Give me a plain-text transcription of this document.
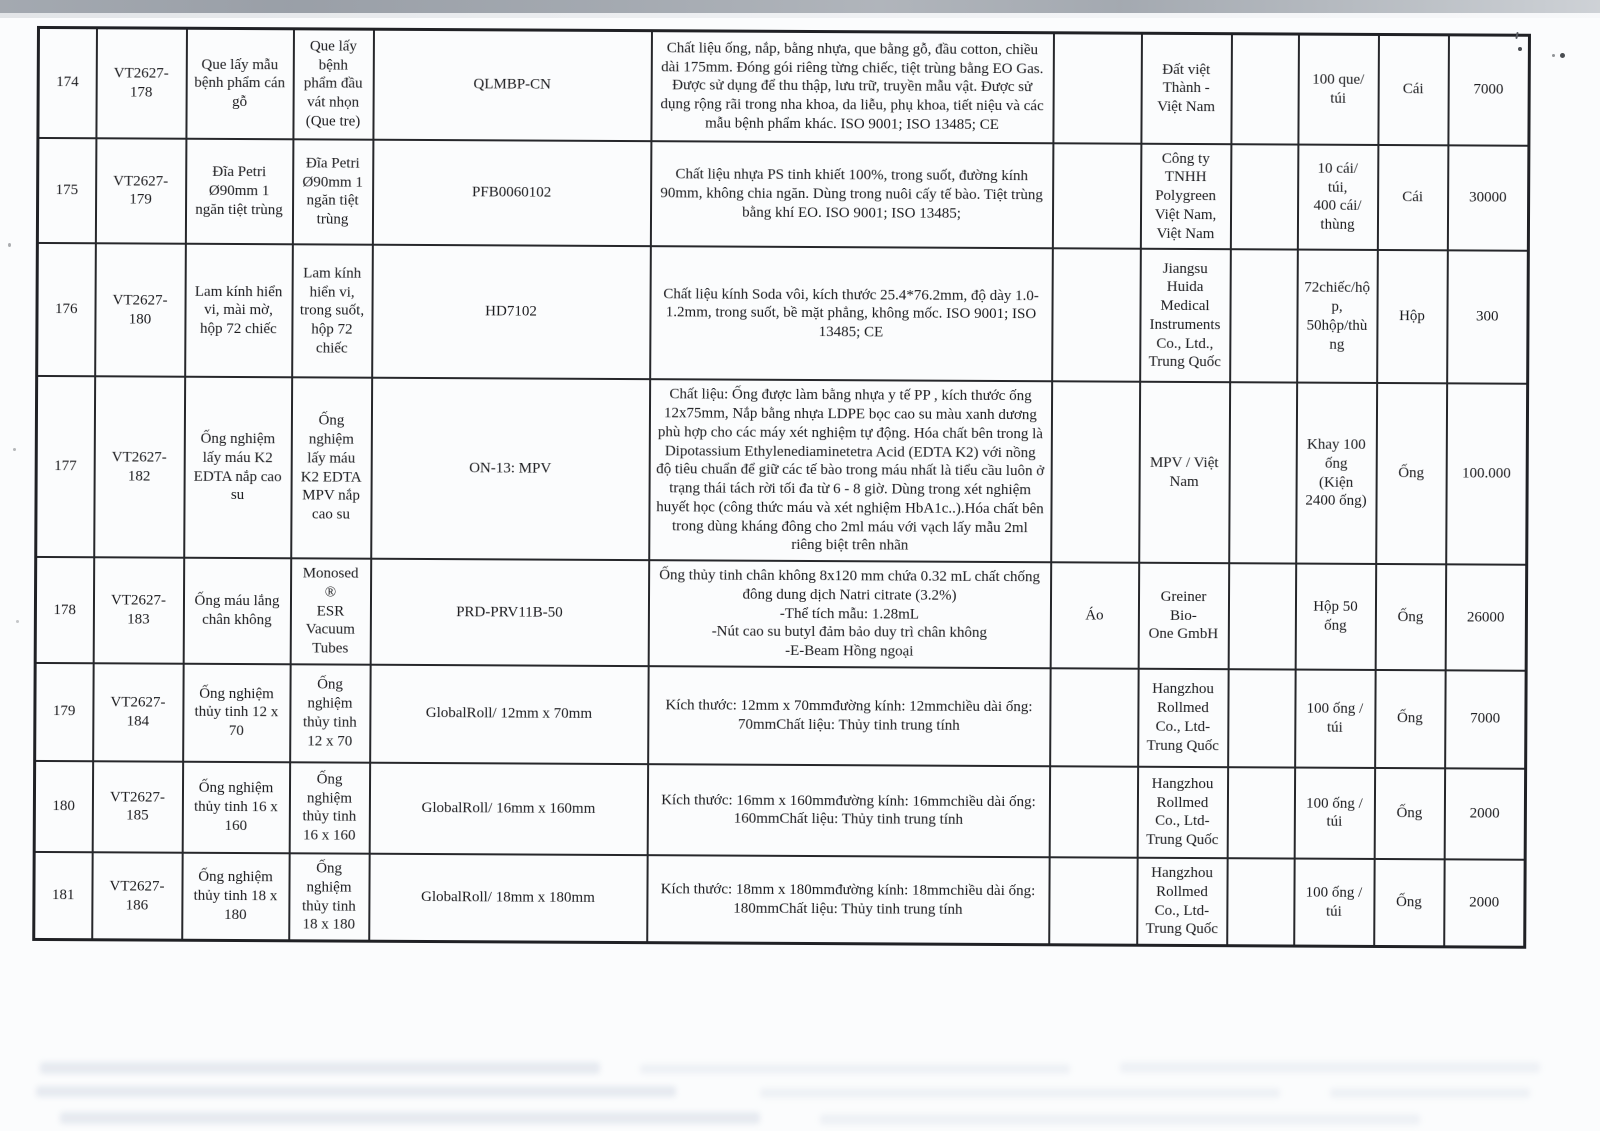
174	VT2627-178	Que lấy mẫu bệnh phẩm cán gỗ	Que lấy bệnh phẩm đầu vát nhọn (Que tre)	QLMBP-CN	Chất liệu ống, nắp, bằng nhựa, que bằng gỗ, đầu cotton, chiều dài 175mm. Đóng gói riêng từng chiếc, tiệt trùng bằng EO Gas. Được sử dụng để thu thập, lưu trữ, truyền mẫu vật. Được sử dụng rộng rãi trong nha khoa, da liễu, phụ khoa, tiết niệu và các mẫu bệnh phẩm khác. ISO 9001; ISO 13485; CE		Đất việt
Thành -
Việt Nam		100 que/
túi	Cái	7000
175	VT2627-179	Đĩa Petri Ø90mm 1 ngăn tiệt trùng	Đĩa Petri Ø90mm 1 ngăn tiệt trùng	PFB0060102	Chất liệu nhựa PS tinh khiết 100%, trong suốt, đường kính 90mm, không chia ngăn. Dùng trong nuôi cấy tế bào. Tiệt trùng bằng khí EO. ISO 9001; ISO 13485;		Công ty
TNHH
Polygreen
Việt Nam,
Việt Nam		10 cái/
túi,
400 cái/
thùng	Cái	30000
176	VT2627-180	Lam kính hiển vi, mài mờ, hộp 72 chiếc	Lam kính hiển vi, trong suốt, hộp 72 chiếc	HD7102	Chất liệu kính Soda vôi, kích thước 25.4*76.2mm, độ dày 1.0-1.2mm, trong suốt, bề mặt phẳng, không mốc. ISO 9001; ISO 13485; CE		Jiangsu
Huida
Medical
Instruments
Co., Ltd.,
Trung Quốc		72chiếc/hộ
p,
50hộp/thù
ng	Hộp	300
177	VT2627-182	Ống nghiệm lấy máu K2 EDTA nắp cao su	Ống nghiệm lấy máu K2 EDTA MPV nắp cao su	ON-13: MPV	Chất liệu: Ống được làm bằng nhựa y tế PP , kích thước ống 12x75mm, Nắp bằng nhựa LDPE bọc cao su màu xanh dương phù hợp cho các máy xét nghiệm tự động. Hóa chất bên trong là Dipotassium Ethylenediaminetetra Acid (EDTA K2) với nồng độ tiêu chuẩn để giữ các tế bào trong máu nhất là tiểu cầu luôn ở trạng thái tách rời tối đa từ 6 - 8 giờ. Dùng trong xét nghiệm huyết học (công thức máu và xét nghiệm HbA1c..).Hóa chất bên trong dùng kháng đông cho 2ml máu với vạch lấy mẫu 2ml riêng biệt trên nhãn		MPV / Việt
Nam		Khay 100
ống
(Kiện
2400 ống)	Ống	100.000
178	VT2627-183	Ống máu lắng chân không	Monosed®
ESR
Vacuum
Tubes	PRD-PRV11B-50	Ống thủy tinh chân không 8x120 mm chứa 0.32 mL chất chống đông dung dịch Natri citrate (3.2%)
-Thể tích mẫu: 1.28mL
-Nút cao su butyl đảm bảo duy trì chân không
-E-Beam Hồng ngoại	Áo	Greiner Bio-
One GmbH		Hộp 50
ống	Ống	26000
179	VT2627-184	Ống nghiệm thủy tinh 12 x 70	Ống nghiệm thủy tinh 12 x 70	GlobalRoll/ 12mm x 70mm	Kích thước: 12mm x 70mmđường kính: 12mmchiều dài ống: 70mmChất liệu: Thủy tinh trung tính		Hangzhou
Rollmed
Co., Ltd-
Trung Quốc		100 ống /
túi	Ống	7000
180	VT2627-185	Ống nghiệm thủy tinh 16 x 160	Ống nghiệm thủy tinh 16 x 160	GlobalRoll/ 16mm x 160mm	Kích thước: 16mm x 160mmđường kính: 16mmchiều dài ống: 160mmChất liệu: Thủy tinh trung tính		Hangzhou
Rollmed
Co., Ltd-
Trung Quốc		100 ống /
túi	Ống	2000
181	VT2627-186	Ống nghiệm thủy tinh 18 x 180	Ống nghiệm thủy tinh 18 x 180	GlobalRoll/ 18mm x 180mm	Kích thước: 18mm x 180mmđường kính: 18mmchiều dài ống: 180mmChất liệu: Thủy tinh trung tính		Hangzhou
Rollmed
Co., Ltd-
Trung Quốc		100 ống /
túi	Ống	2000
